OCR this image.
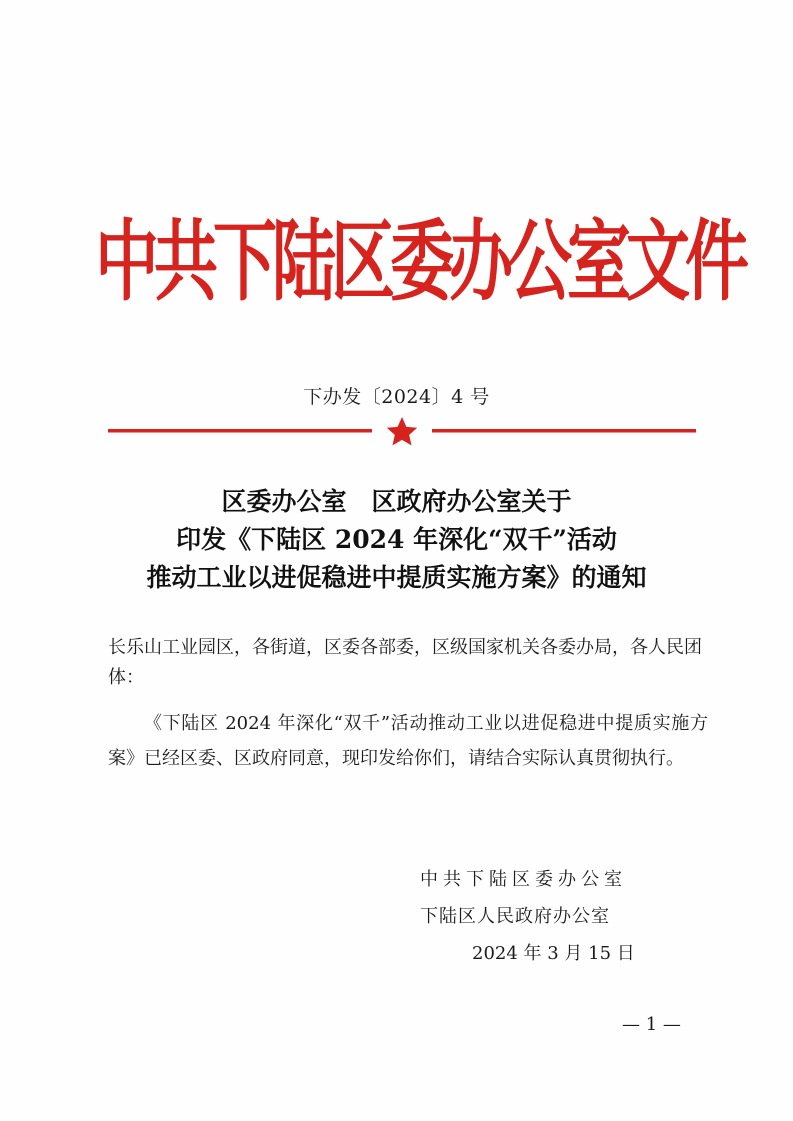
中共下陆区委办公室文件
下办发〔2024〕4 号
区委办公室　区政府办公室关于
印发《下陆区 2024 年深化“双千”活动
推动工业以进促稳进中提质实施方案》的通知
长乐山工业园区，各街道，区委各部委，区级国家机关各委办局，各人民团体：
《下陆区 2024 年深化“双千”活动推动工业以进促稳进中提质实施方案》已经区委、区政府同意，现印发给你们，请结合实际认真贯彻执行。
中共下陆区委办公室
下陆区人民政府办公室
2024 年 3 月 15 日
— 1 —
